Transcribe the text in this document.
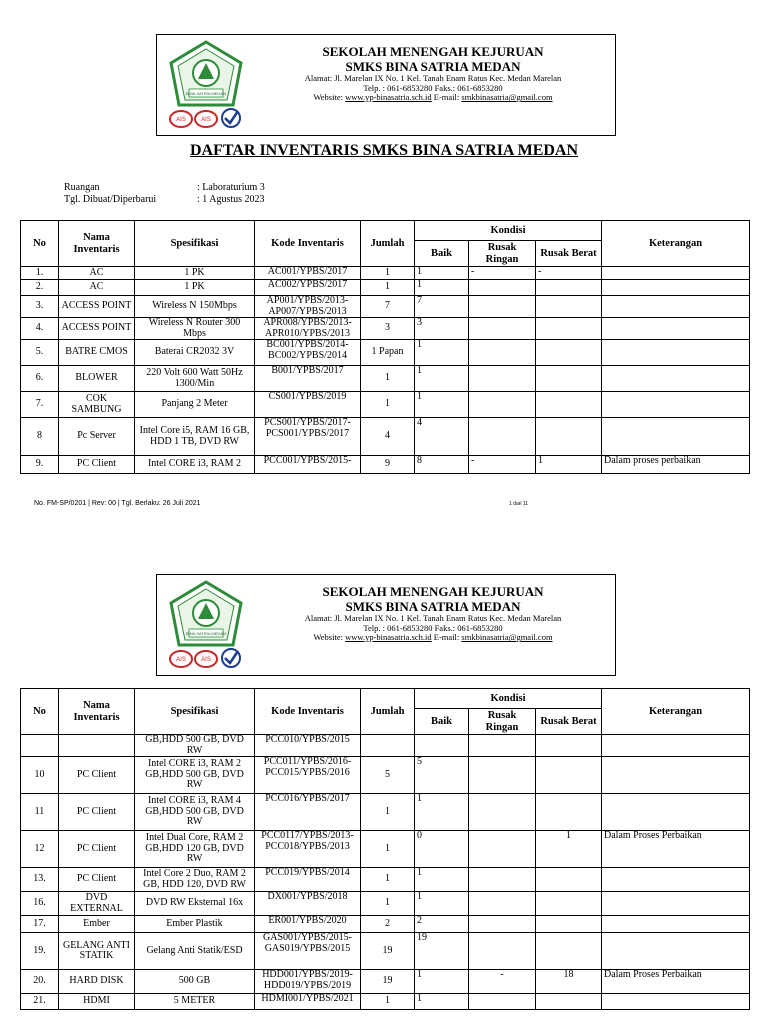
BINA SATRIA MEDAN
AIS	AIS
SEKOLAH MENENGAH KEJURUAN
SMKS BINA SATRIA MEDAN
Alamat: Jl. Marelan IX No. 1 Kel. Tanah Enam Ratus Kec. Medan Marelan
Telp. : 061-6853280 Faks.: 061-6853280
Website: www.yp-binasatria.sch.id E-mail: smkbinasatria@gmail.com
DAFTAR INVENTARIS SMKS BINA SATRIA MEDAN
Ruangan	: Laboraturium 3
Tgl. Dibuat/Diperbarui	: 1 Agustus 2023
No	Nama Inventaris	Spesifikasi	Kode Inventaris	Jumlah	Kondisi			Keterangan
					Baik	Rusak Ringan	Rusak Berat	
1.	AC	1 PK	AC001/YPBS/2017	1	1	-	-	
2.	AC	1 PK	AC002/YPBS/2017	1	1			
3.	ACCESS POINT	Wireless N 150Mbps	AP001/YPBS/2013-AP007/YPBS/2013	7	7			
4.	ACCESS POINT	Wireless N Router 300 Mbps	APR008/YPBS/2013-APR010/YPBS/2013	3	3			
5.	BATRE CMOS	Baterai CR2032 3V	BC001/YPBS/2014-BC002/YPBS/2014	1 Papan	1			
6.	BLOWER	220 Volt 600 Watt 50Hz 1300/Min	B001/YPBS/2017	1	1			
7.	COK SAMBUNG	Panjang 2 Meter	CS001/YPBS/2019	1	1			
8	Pc Server	Intel Core i5, RAM 16 GB, HDD 1 TB, DVD RW	PCS001/YPBS/2017-PCS001/YPBS/2017	4	4			
9.	PC Client	Intel CORE i3, RAM 2	PCC001/YPBS/2015-	9	8	-	1	Dalam proses perbaikan
No. FM-SP/0201 | Rev: 00 | Tgl. Berlaku: 26 Juli 2021	1 dari 11
BINA SATRIA MEDAN
AIS	AIS
SEKOLAH MENENGAH KEJURUAN
SMKS BINA SATRIA MEDAN
Alamat: Jl. Marelan IX No. 1 Kel. Tanah Enam Ratus Kec. Medan Marelan
Telp. : 061-6853280 Faks.: 061-6853280
Website: www.yp-binasatria.sch.id E-mail: smkbinasatria@gmail.com
No	Nama Inventaris	Spesifikasi	Kode Inventaris	Jumlah	Kondisi			Keterangan
					Baik	Rusak Ringan	Rusak Berat	
		GB,HDD 500 GB, DVD RW	PCC010/YPBS/2015					
10	PC Client	Intel CORE i3, RAM 2 GB,HDD 500 GB, DVD RW	PCC011/YPBS/2016-PCC015/YPBS/2016	5	5			
11	PC Client	Intel CORE i3, RAM 4 GB,HDD 500 GB, DVD RW	PCC016/YPBS/2017	1	1			
12	PC Client	Intel Dual Core, RAM 2 GB,HDD 120 GB, DVD RW	PCC0117/YPBS/2013-PCC018/YPBS/2013	1	0		1	Dalam Proses Perbaikan
13.	PC Client	Intel Core 2 Duo, RAM 2 GB, HDD 120, DVD RW	PCC019/YPBS/2014	1	1			
16.	DVD EXTERNAL	DVD RW Eksternal 16x	DX001/YPBS/2018	1	1			
17.	Ember	Ember Plastik	ER001/YPBS/2020	2	2			
19.	GELANG ANTI STATIK	Gelang Anti Statik/ESD	GAS001/YPBS/2015-GAS019/YPBS/2015	19	19			
20.	HARD DISK	500 GB	HDD001/YPBS/2019-HDD019/YPBS/2019	19	1	-	18	Dalam Proses Perbaikan
21.	HDMI	5 METER	HDMI001/YPBS/2021	1	1			
